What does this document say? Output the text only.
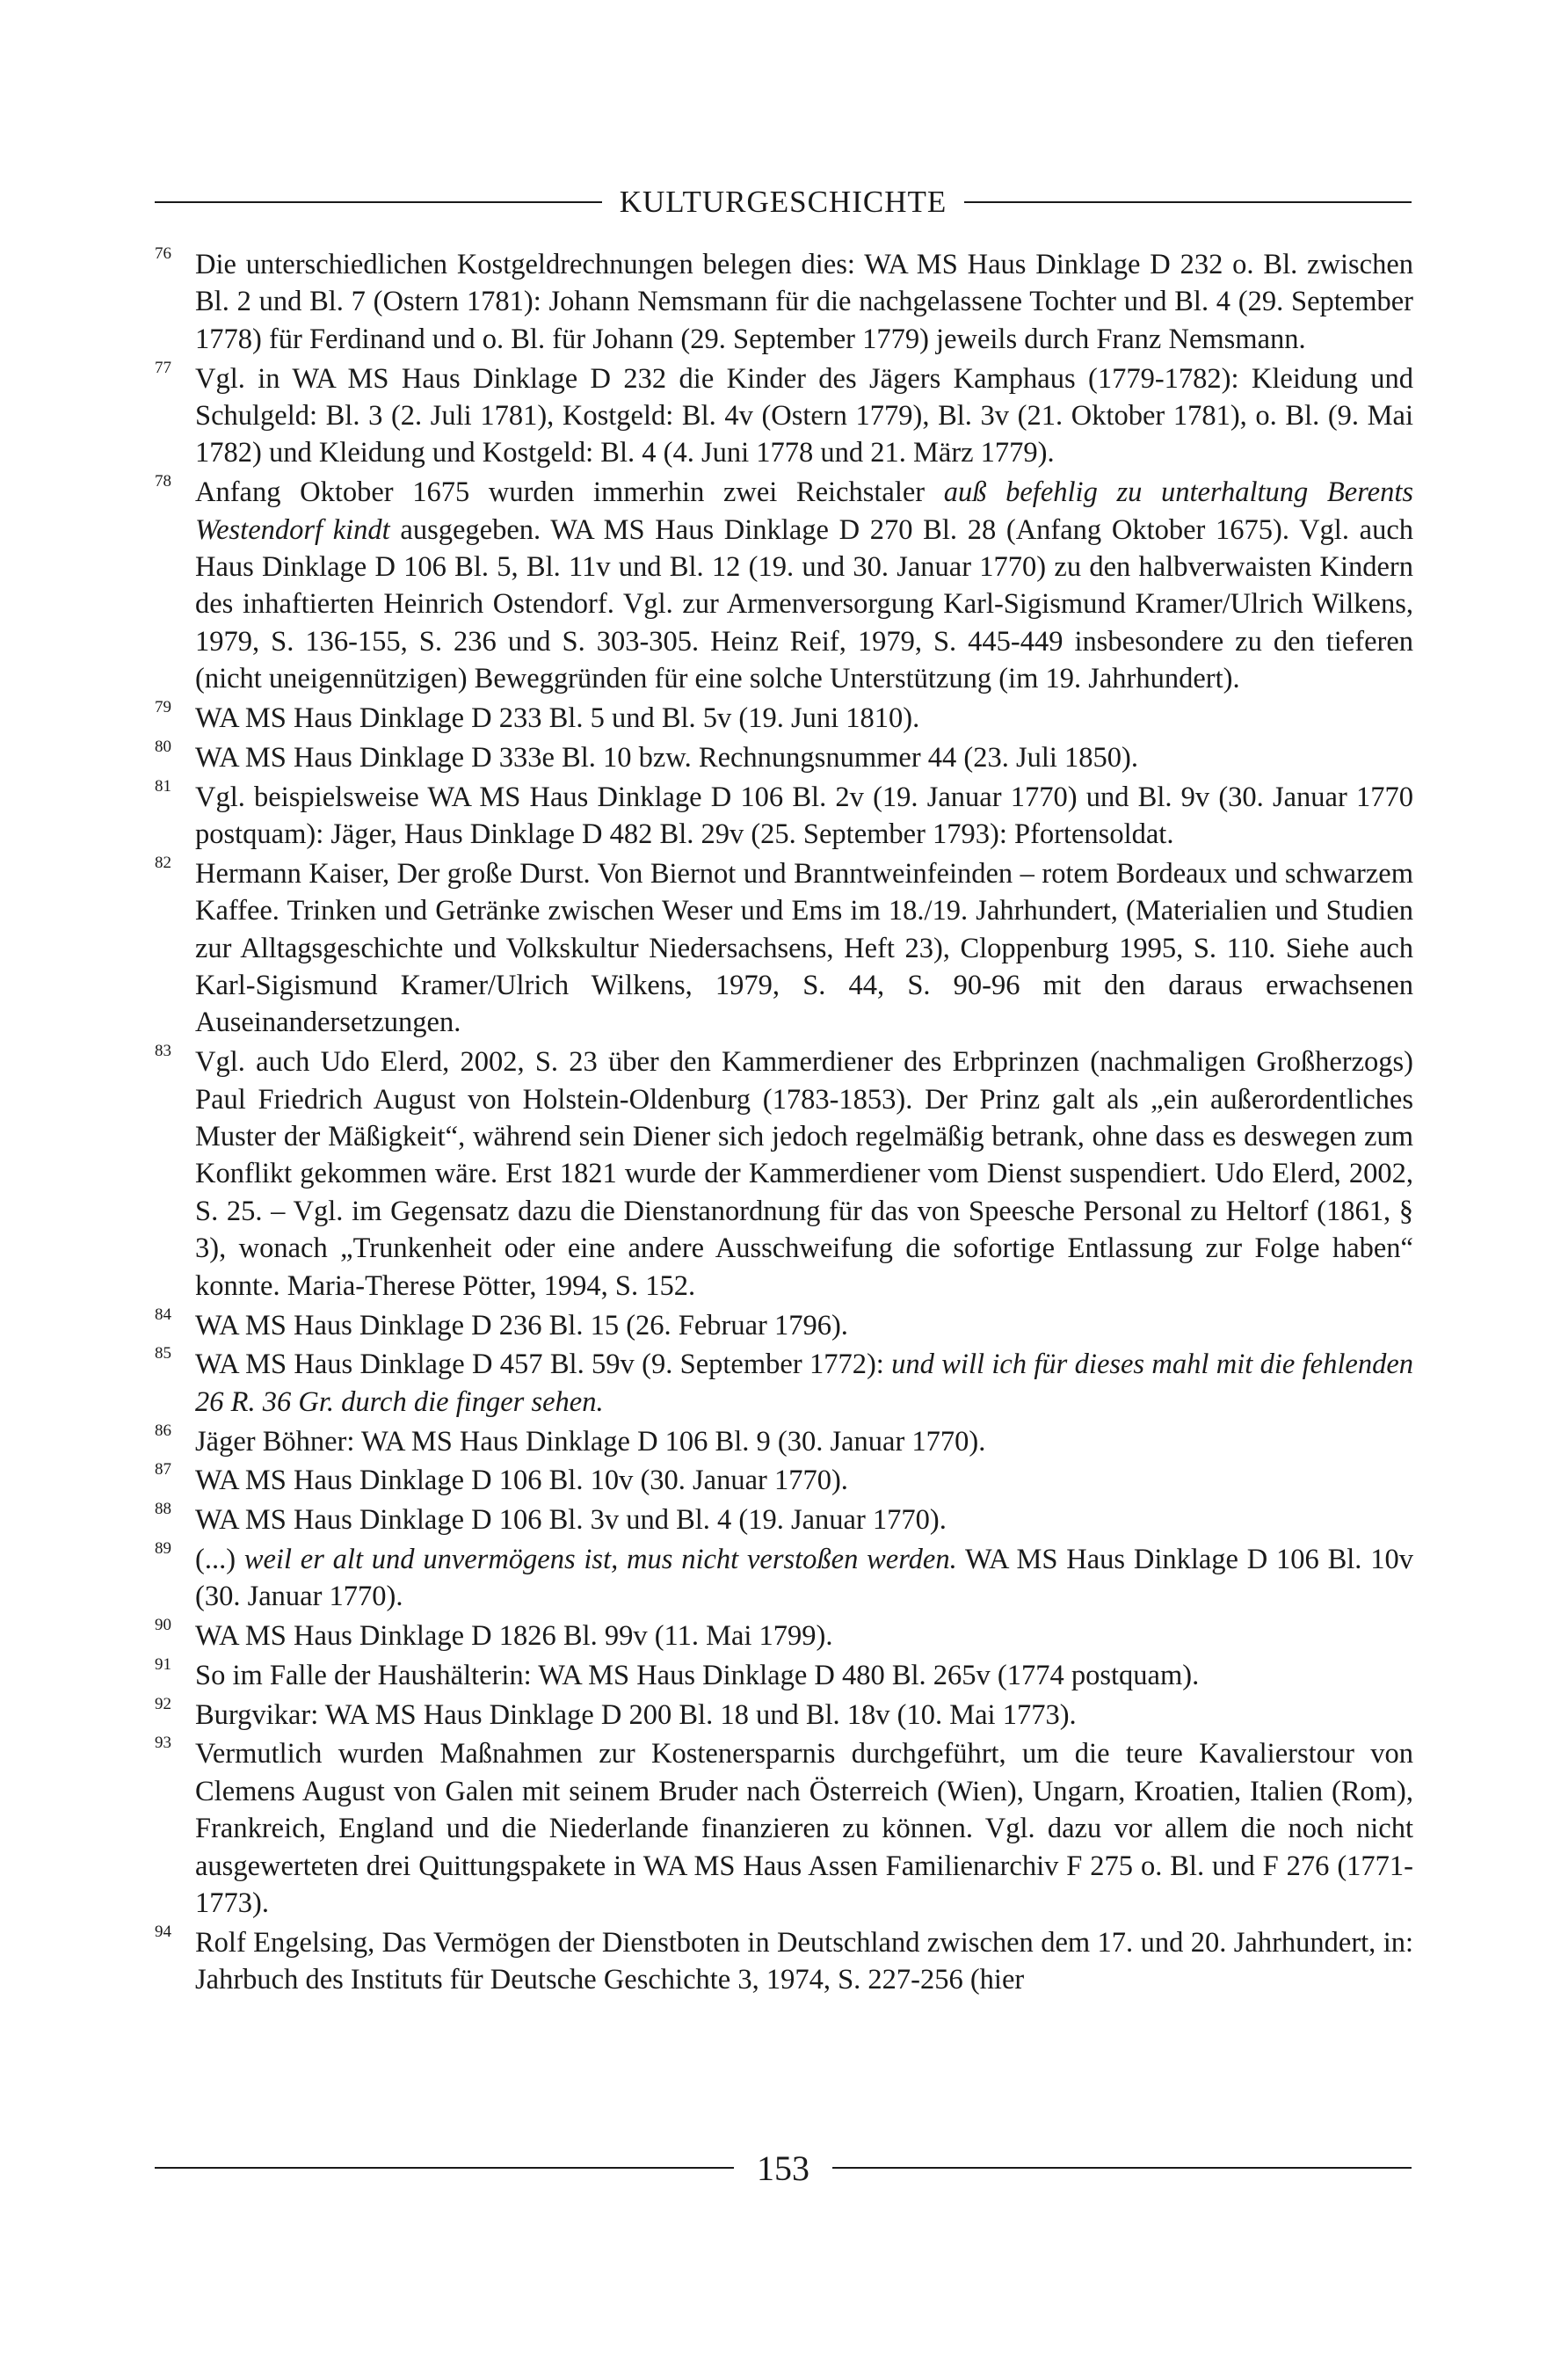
KULTURGESCHICHTE

76 Die unterschiedlichen Kostgeldrechnungen belegen dies: WA MS Haus Dinklage D 232 o. Bl. zwischen Bl. 2 und Bl. 7 (Ostern 1781): Johann Nemsmann für die nachgelassene Tochter und Bl. 4 (29. September 1778) für Ferdinand und o. Bl. für Johann (29. September 1779) jeweils durch Franz Nemsmann.

77 Vgl. in WA MS Haus Dinklage D 232 die Kinder des Jägers Kamphaus (1779-1782): Kleidung und Schulgeld: Bl. 3 (2. Juli 1781), Kostgeld: Bl. 4v (Ostern 1779), Bl. 3v (21. Oktober 1781), o. Bl. (9. Mai 1782) und Kleidung und Kostgeld: Bl. 4 (4. Juni 1778 und 21. März 1779).

78 Anfang Oktober 1675 wurden immerhin zwei Reichstaler auß befehlig zu unterhaltung Berents Westendorf kindt ausgegeben. WA MS Haus Dinklage D 270 Bl. 28 (Anfang Oktober 1675). Vgl. auch Haus Dinklage D 106 Bl. 5, Bl. 11v und Bl. 12 (19. und 30. Januar 1770) zu den halbverwaisten Kindern des inhaftierten Heinrich Ostendorf. Vgl. zur Armenversorgung Karl-Sigismund Kramer/Ulrich Wilkens, 1979, S. 136-155, S. 236 und S. 303-305. Heinz Reif, 1979, S. 445-449 insbesondere zu den tieferen (nicht uneigennützigen) Beweggründen für eine solche Unterstützung (im 19. Jahrhundert).

79 WA MS Haus Dinklage D 233 Bl. 5 und Bl. 5v (19. Juni 1810).

80 WA MS Haus Dinklage D 333e Bl. 10 bzw. Rechnungsnummer 44 (23. Juli 1850).

81 Vgl. beispielsweise WA MS Haus Dinklage D 106 Bl. 2v (19. Januar 1770) und Bl. 9v (30. Januar 1770 postquam): Jäger, Haus Dinklage D 482 Bl. 29v (25. September 1793): Pfortensoldat.

82 Hermann Kaiser, Der große Durst. Von Biernot und Branntweinfeinden – rotem Bordeaux und schwarzem Kaffee. Trinken und Getränke zwischen Weser und Ems im 18./19. Jahrhundert, (Materialien und Studien zur Alltagsgeschichte und Volkskultur Niedersachsens, Heft 23), Cloppenburg 1995, S. 110. Siehe auch Karl-Sigismund Kramer/Ulrich Wilkens, 1979, S. 44, S. 90-96 mit den daraus erwachsenen Auseinandersetzungen.

83 Vgl. auch Udo Elerd, 2002, S. 23 über den Kammerdiener des Erbprinzen (nachmaligen Großherzogs) Paul Friedrich August von Holstein-Oldenburg (1783-1853). Der Prinz galt als „ein außerordentliches Muster der Mäßigkeit“, während sein Diener sich jedoch regelmäßig betrank, ohne dass es deswegen zum Konflikt gekommen wäre. Erst 1821 wurde der Kammerdiener vom Dienst suspendiert. Udo Elerd, 2002, S. 25. – Vgl. im Gegensatz dazu die Dienstanordnung für das von Speesche Personal zu Heltorf (1861, § 3), wonach „Trunkenheit oder eine andere Ausschweifung die sofortige Entlassung zur Folge haben“ konnte. Maria-Therese Pötter, 1994, S. 152.

84 WA MS Haus Dinklage D 236 Bl. 15 (26. Februar 1796).

85 WA MS Haus Dinklage D 457 Bl. 59v (9. September 1772): und will ich für dieses mahl mit die fehlenden 26 R. 36 Gr. durch die finger sehen.

86 Jäger Böhner: WA MS Haus Dinklage D 106 Bl. 9 (30. Januar 1770).

87 WA MS Haus Dinklage D 106 Bl. 10v (30. Januar 1770).

88 WA MS Haus Dinklage D 106 Bl. 3v und Bl. 4 (19. Januar 1770).

89 (...) weil er alt und unvermögens ist, mus nicht verstoßen werden. WA MS Haus Dinklage D 106 Bl. 10v (30. Januar 1770).

90 WA MS Haus Dinklage D 1826 Bl. 99v (11. Mai 1799).

91 So im Falle der Haushälterin: WA MS Haus Dinklage D 480 Bl. 265v (1774 postquam).

92 Burgvikar: WA MS Haus Dinklage D 200 Bl. 18 und Bl. 18v (10. Mai 1773).

93 Vermutlich wurden Maßnahmen zur Kostenersparnis durchgeführt, um die teure Kavalierstour von Clemens August von Galen mit seinem Bruder nach Österreich (Wien), Ungarn, Kroatien, Italien (Rom), Frankreich, England und die Niederlande finanzieren zu können. Vgl. dazu vor allem die noch nicht ausgewerteten drei Quittungspakete in WA MS Haus Assen Familienarchiv F 275 o. Bl. und F 276 (1771-1773).

94 Rolf Engelsing, Das Vermögen der Dienstboten in Deutschland zwischen dem 17. und 20. Jahrhundert, in: Jahrbuch des Instituts für Deutsche Geschichte 3, 1974, S. 227-256 (hier

153
